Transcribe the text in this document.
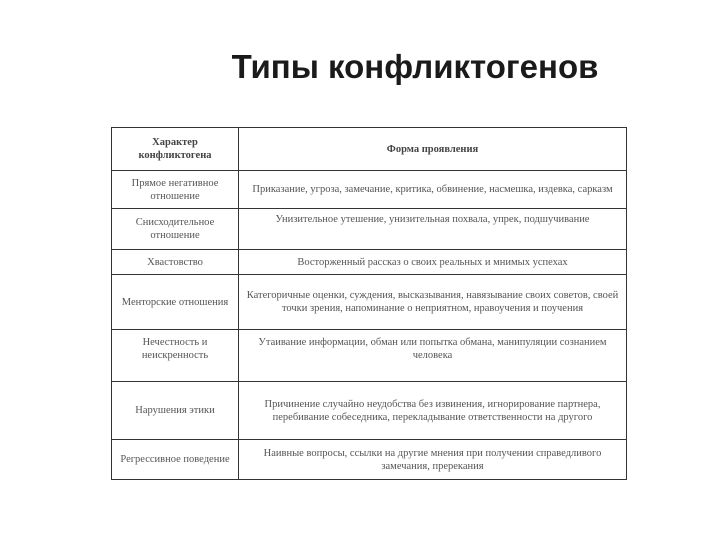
Типы конфликтогенов
Характер конфликтогена	Форма проявления
Прямое негативное отношение	Приказание, угроза, замечание, критика, обвинение, насмешка, издевка, сарказм
Снисходительное отношение	Унизительное утешение, унизительная похвала, упрек, подшучивание
Хвастовство	Восторженный рассказ о своих реальных и мнимых успехах
Менторские отношения	Категоричные оценки, суждения, высказывания, навязывание своих советов, своей точки зрения, напоминание о неприятном, нравоучения и поучения
Нечестность и неискренность	Утаивание информации, обман или попытка обмана, манипуляции сознанием человека
Нарушения этики	Причинение случайно неудобства без извинения, игнорирование партнера, перебивание собеседника, перекладывание ответственности на другого
Регрессивное поведение	Наивные вопросы, ссылки на другие мнения при получении справедливого замечания, пререкания
